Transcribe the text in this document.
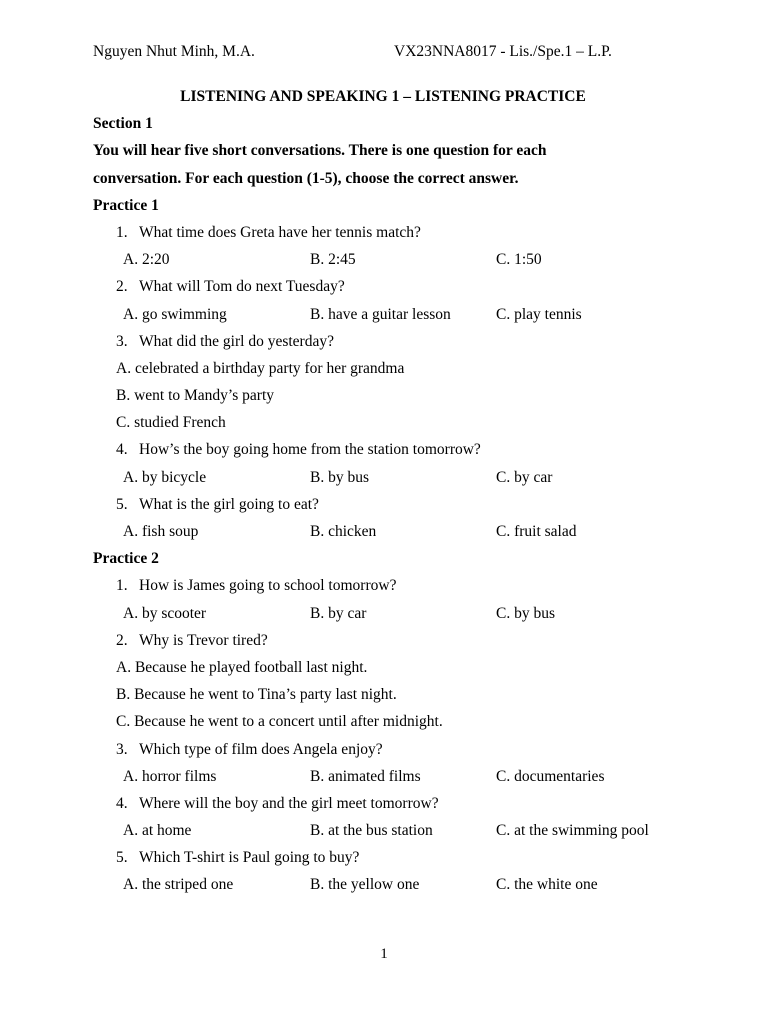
Nguyen Nhut Minh, M.A.	VX23NNA8017 - Lis./Spe.1 – L.P.
LISTENING AND SPEAKING 1 – LISTENING PRACTICE
Section 1
You will hear five short conversations. There is one question for each
conversation. For each question (1-5), choose the correct answer.
Practice 1
1. What time does Greta have her tennis match?
A. 2:20	B. 2:45	C. 1:50
2. What will Tom do next Tuesday?
A. go swimming	B. have a guitar lesson	C. play tennis
3. What did the girl do yesterday?
A. celebrated a birthday party for her grandma
B. went to Mandy’s party
C. studied French
4. How’s the boy going home from the station tomorrow?
A. by bicycle	B. by bus	C. by car
5. What is the girl going to eat?
A. fish soup	B. chicken	C. fruit salad
Practice 2
1. How is James going to school tomorrow?
A. by scooter	B. by car	C. by bus
2. Why is Trevor tired?
A. Because he played football last night.
B. Because he went to Tina’s party last night.
C. Because he went to a concert until after midnight.
3. Which type of film does Angela enjoy?
A. horror films	B. animated films	C. documentaries
4. Where will the boy and the girl meet tomorrow?
A. at home	B. at the bus station	C. at the swimming pool
5. Which T-shirt is Paul going to buy?
A. the striped one	B. the yellow one	C. the white one
1
